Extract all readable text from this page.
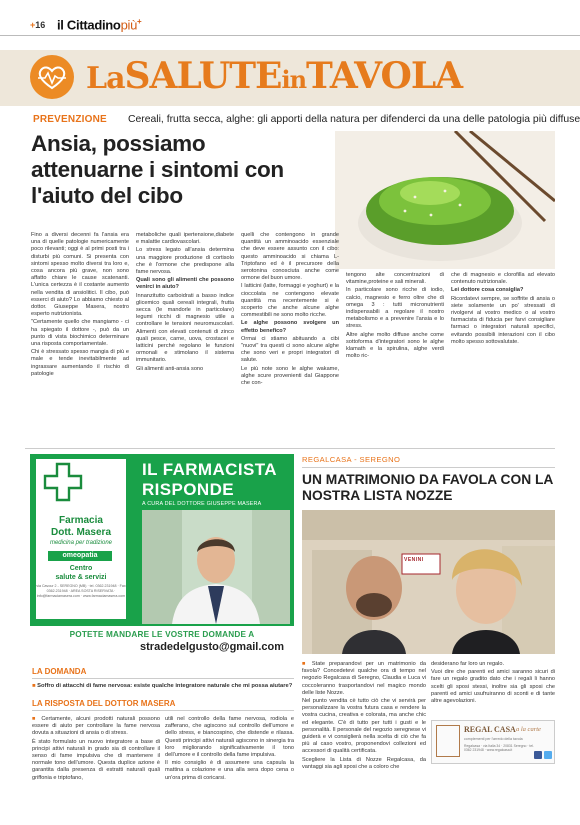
+16 il Cittadinopiù+
LaSALUTEinTAVOLA
PREVENZIONE Cereali, frutta secca, alghe: gli apporti della natura per difenderci da una delle patologia più diffuse
Ansia, possiamo attenuarne i sintomi con l'aiuto del cibo

Fino a diversi decenni fa l'ansia era una di quelle patologie numericamente poco rilevanti; oggi è al primi posti tra i disturbi più comuni. Si presenta con sintomi spesso molto diversi tra loro e, cosa ancora più grave, non sono affatto chiare le cause scatenanti. L'unica certezza è il costante aumento nella vendita di ansiolitici. Il cibo, può esserci di aiuto? Lo abbiamo chiesto al dottor. Giuseppe Masera, nostro esperto nutrizionista.

"Certamente quello che mangiamo - ci ha spiegato il dottore -, può da un punto di vista biochimico determinare una risposta comportamentale.

Chi è stressato spesso mangia di più e male e tende inevitabilmente ad ingrassare aumentando il rischio di patologie

metaboliche quali ipertensione,diabete e malattie cardiovascolari.

Lo stress legato all'ansia determina una maggiore produzione di cortisolo che è l'ormone che predispone alla fame nervosa.

Quali sono gli alimenti che possono venirci in aiuto?

Innanzitutto carboidrati a basso indice glicemico quali cereali integrali, frutta secca (le mandorle in particolare) legumi ricchi di magnesio utile a controllare le tensioni neuromuscolari. Alimenti con elevati contenuti di zinco quali pesce, carne, uova, crostacei e latticini perché regolano le funzioni ormonali e stimolano il sistema immunitario.

Gli alimenti anti-ansia sono

quelli che contengono in grande quantità un amminoacido essenziale che deve essere assunto con il cibo: questo amminoacido si chiama L-Triptofano ed è il precursore della serotonina conosciuta anche come ormone del buon umore.

I latticini (latte, formaggi e yoghurt) e la cioccolata ne contengono elevate quantità ma recentemente si è scoperto che anche alcune alghe commestibili ne sono molto ricche.

Le alghe possono svolgere un effetto benefico?

Ormai ci stiamo abituando a cibi "nuovi" tra questi ci sono alcune alghe che sono veri e propri integratori di salute.

Le più note sono le alghe wakame, alghe scure provenienti dal Giappone che con-

tengono alte concentrazioni di vitamine,proteine e sali minerali.

In particolare sono ricche di iodio, calcio, magnesio e ferro oltre che di omega 3 : tutti micronutrienti indispensabili a regolare il nostro metabolismo e a prevenire l'ansia e lo stress.

Altre alghe molto diffuse anche come sottoforma d'integratori sono le alghe klamath e la spirulina, alghe verdi molto ric-

che di magnesio e clorofilla ad elevato contenuto nutrizionale.

Lei dottore cosa consiglia?

Ricordatevi sempre, se soffrite di ansia o siete solamente un po' stressati di rivolgervi al vostro medico o al vostro farmacista di fiducia per farvi consigliare farmaci o integratori naturali specifici, evitando possibili interazioni con il cibo molto spesso sottovalutate.

Farmacia
Dott. Masera
medicina per tradizione
omeopatia
Centro
salute & servizi
via Cavour 2 - SEREGNO (MB) · tel. 0362.231948 · Fax 0362.231948 · AREA SOSTA RISERVATA · info@farmaciamasera.com · www.farmaciamasera.com
IL FARMACISTA
RISPONDE
A CURA DEL DOTTORE GIUSEPPE MASERA
POTETE MANDARE LE VOSTRE DOMANDE A
stradedelgusto@gmail.com
LA DOMANDA
■ Soffro di attacchi di fame nervosa: esiste qualche integratore naturale che mi possa aiutare?
LA RISPOSTA DEL DOTTOR MASERA

■ Certamente, alcuni prodotti naturali possono essere di aiuto per controllare la fame nervosa dovuta a situazioni di ansia o di stress.

È stato formulato un nuovo integratore a base di principi attivi naturali in grado sia di controllare il senso di fame impulsiva che di mantenere il normale tono dell'umore. Questa duplice azione è garantita dalla presenza di estratti naturali quali griffonia e triptofano,

utili nel controllo della fame nervosa, rodiola e zafferano, che agiscono sul controllo dell'umore e dello stress, e biancospino, che distende e rilassa. Questi principi attivi naturali agiscono in sinergia tra loro migliorando significativamente il tono dell'umore e il controllo della fame impulsiva.

Il mio consiglio è di assumere una capsula la mattina a colazione e una alla sera dopo cena o un'ora prima di coricarsi.

REGALCASA - SEREGNO
UN MATRIMONIO DA FAVOLA CON LA NOSTRA LISTA NOZZE
VENINI

■ State preparandovi per un matrimonio da favola? Concedetevi qualche ora di tempo nel negozio Regalcasa di Seregno, Claudia e Luca vi coccoleranno trasportandovi nel magico mondo delle liste Nozze.

Nel punto vendita cè tutto ciò che vi servirà per personalizzare la vostra futura casa e rendere la vostra cucina, creativa e colorata, ma anche chic ed elegante. C'è di tutto per tutti i gusti e le personalità. Il personale del negozio seregnese vi guiderà e vi consiglierà nella scelta di ciò che fa più al caso vostro, proponendovi collezioni ed accessori di qualità certificata.

Scegliere la Lista di Nozze Regalcasa, da vantaggi sia agli sposi che a coloro che

desiderano far loro un regalo.

Vuoi dire che parenti ed amici saranno sicuri di fare un regalo gradito dato che i regali li hanno scelti gli sposi stessi, inoltre sia gli sposi che parenti ed amici usufruiranno di sconti e di tante altre agevolazioni.

REGAL CASA a la carte
complementi per l'arredo della tavola
Regalcasa · via Italia 34 · 20831 Seregno · tel. 0362 231948 · www.regalcasa.it
